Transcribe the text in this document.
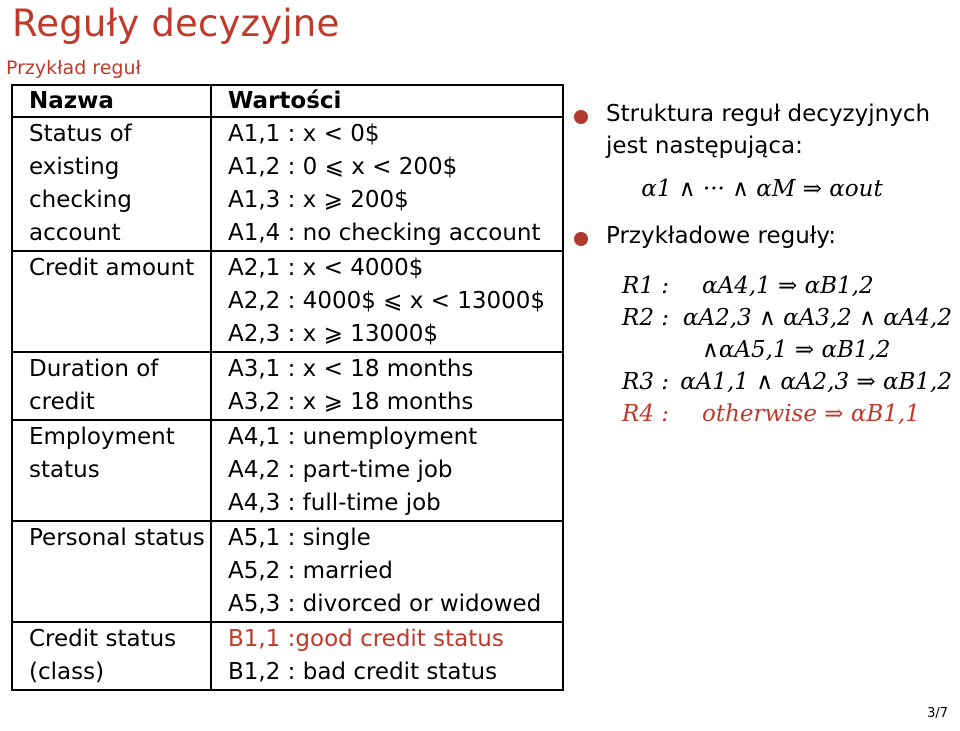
Reguły decyzyjne
Przykład reguł
Nazwa	Wartości
Status of existing checking account	A1,1 : x < 0$
A1,2 : 0 ⩽ x < 200$
A1,3 : x ⩾ 200$
A1,4 : no checking account

Credit amount	A2,1 : x < 4000$
A2,2 : 4000$ ⩽ x < 13000$
A2,3 : x ⩾ 13000$

Duration of credit	A3,1 : x < 18 months
A3,2 : x ⩾ 18 months

Employment status	A4,1 : unemployment
A4,2 : part-time job
A4,3 : full-time job

Personal status	A5,1 : single
A5,2 : married
A5,3 : divorced or widowed

Credit status (class)	B1,1 :good credit status
B1,2 : bad credit status
Struktura reguł decyzyjnych jest następująca:
α1 ∧ ··· ∧ αM ⇒ αout
Przykładowe reguły:
R1 :	αA4,1 ⇒ αB1,2
R2 : αA2,3 ∧ αA3,2 ∧ αA4,2
∧αA5,1 ⇒ αB1,2
R3 : αA1,1 ∧ αA2,3 ⇒ αB1,2
R4 :	otherwise ⇒ αB1,1
3/7
